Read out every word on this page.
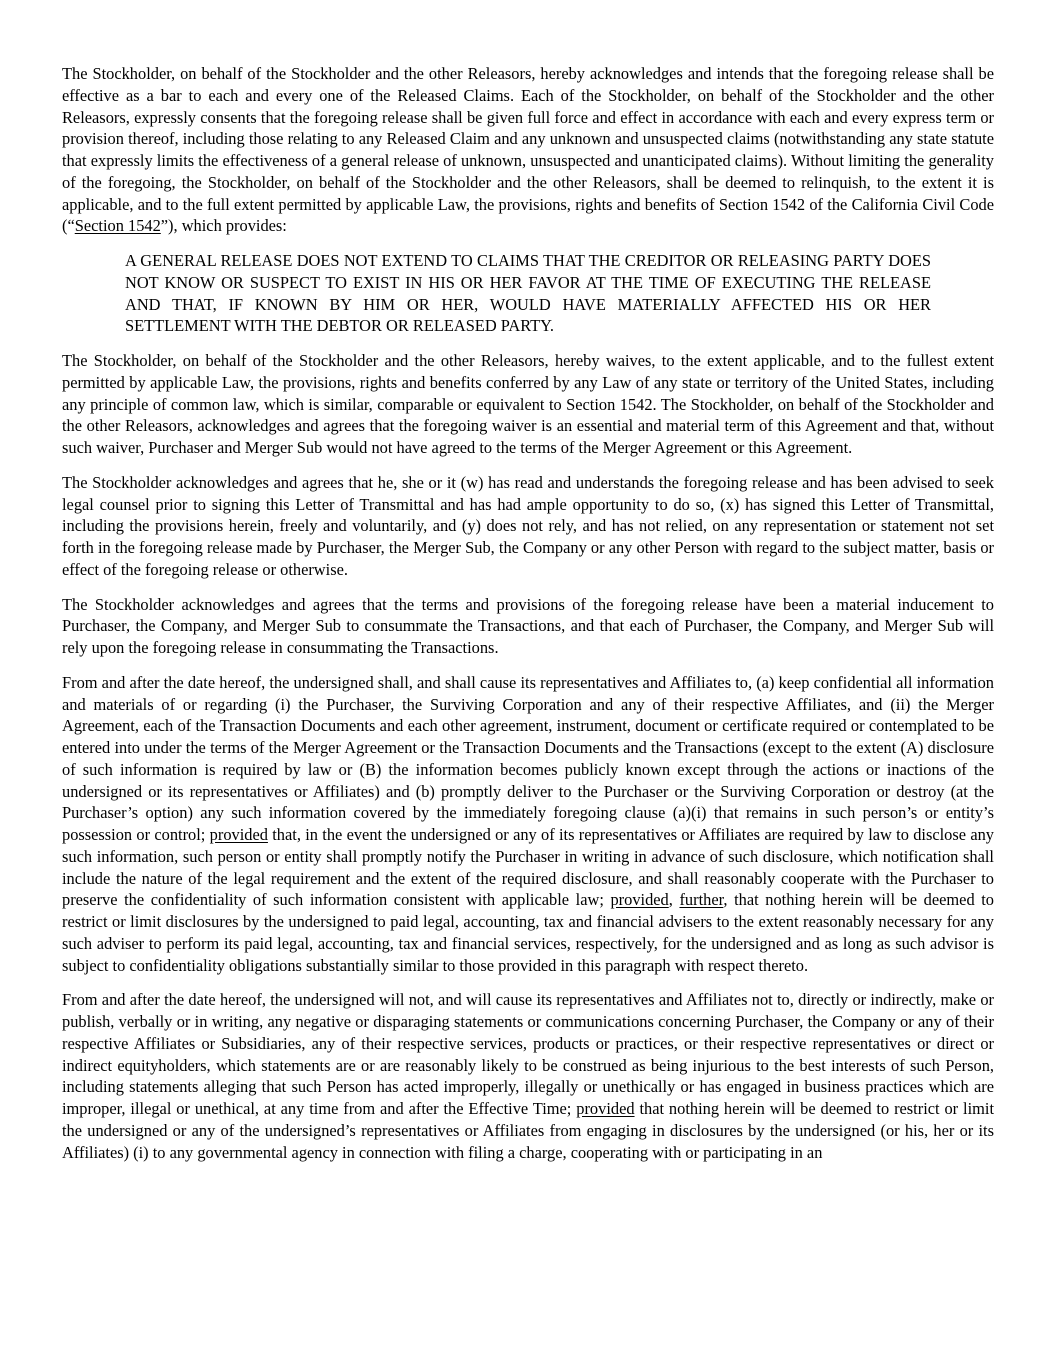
The Stockholder, on behalf of the Stockholder and the other Releasors, hereby acknowledges and intends that the foregoing release shall be effective as a bar to each and every one of the Released Claims. Each of the Stockholder, on behalf of the Stockholder and the other Releasors, expressly consents that the foregoing release shall be given full force and effect in accordance with each and every express term or provision thereof, including those relating to any Released Claim and any unknown and unsuspected claims (notwithstanding any state statute that expressly limits the effectiveness of a general release of unknown, unsuspected and unanticipated claims). Without limiting the generality of the foregoing, the Stockholder, on behalf of the Stockholder and the other Releasors, shall be deemed to relinquish, to the extent it is applicable, and to the full extent permitted by applicable Law, the provisions, rights and benefits of Section 1542 of the California Civil Code (“Section 1542”), which provides:

A GENERAL RELEASE DOES NOT EXTEND TO CLAIMS THAT THE CREDITOR OR RELEASING PARTY DOES NOT KNOW OR SUSPECT TO EXIST IN HIS OR HER FAVOR AT THE TIME OF EXECUTING THE RELEASE AND THAT, IF KNOWN BY HIM OR HER, WOULD HAVE MATERIALLY AFFECTED HIS OR HER SETTLEMENT WITH THE DEBTOR OR RELEASED PARTY.

The Stockholder, on behalf of the Stockholder and the other Releasors, hereby waives, to the extent applicable, and to the fullest extent permitted by applicable Law, the provisions, rights and benefits conferred by any Law of any state or territory of the United States, including any principle of common law, which is similar, comparable or equivalent to Section 1542. The Stockholder, on behalf of the Stockholder and the other Releasors, acknowledges and agrees that the foregoing waiver is an essential and material term of this Agreement and that, without such waiver, Purchaser and Merger Sub would not have agreed to the terms of the Merger Agreement or this Agreement.

The Stockholder acknowledges and agrees that he, she or it (w) has read and understands the foregoing release and has been advised to seek legal counsel prior to signing this Letter of Transmittal and has had ample opportunity to do so, (x) has signed this Letter of Transmittal, including the provisions herein, freely and voluntarily, and (y) does not rely, and has not relied, on any representation or statement not set forth in the foregoing release made by Purchaser, the Merger Sub, the Company or any other Person with regard to the subject matter, basis or effect of the foregoing release or otherwise.

The Stockholder acknowledges and agrees that the terms and provisions of the foregoing release have been a material inducement to Purchaser, the Company, and Merger Sub to consummate the Transactions, and that each of Purchaser, the Company, and Merger Sub will rely upon the foregoing release in consummating the Transactions.

From and after the date hereof, the undersigned shall, and shall cause its representatives and Affiliates to, (a) keep confidential all information and materials of or regarding (i) the Purchaser, the Surviving Corporation and any of their respective Affiliates, and (ii) the Merger Agreement, each of the Transaction Documents and each other agreement, instrument, document or certificate required or contemplated to be entered into under the terms of the Merger Agreement or the Transaction Documents and the Transactions (except to the extent (A) disclosure of such information is required by law or (B) the information becomes publicly known except through the actions or inactions of the undersigned or its representatives or Affiliates) and (b) promptly deliver to the Purchaser or the Surviving Corporation or destroy (at the Purchaser’s option) any such information covered by the immediately foregoing clause (a)(i) that remains in such person’s or entity’s possession or control; provided that, in the event the undersigned or any of its representatives or Affiliates are required by law to disclose any such information, such person or entity shall promptly notify the Purchaser in writing in advance of such disclosure, which notification shall include the nature of the legal requirement and the extent of the required disclosure, and shall reasonably cooperate with the Purchaser to preserve the confidentiality of such information consistent with applicable law; provided, further, that nothing herein will be deemed to restrict or limit disclosures by the undersigned to paid legal, accounting, tax and financial advisers to the extent reasonably necessary for any such adviser to perform its paid legal, accounting, tax and financial services, respectively, for the undersigned and as long as such advisor is subject to confidentiality obligations substantially similar to those provided in this paragraph with respect thereto.

From and after the date hereof, the undersigned will not, and will cause its representatives and Affiliates not to, directly or indirectly, make or publish, verbally or in writing, any negative or disparaging statements or communications concerning Purchaser, the Company or any of their respective Affiliates or Subsidiaries, any of their respective services, products or practices, or their respective representatives or direct or indirect equityholders, which statements are or are reasonably likely to be construed as being injurious to the best interests of such Person, including statements alleging that such Person has acted improperly, illegally or unethically or has engaged in business practices which are improper, illegal or unethical, at any time from and after the Effective Time; provided that nothing herein will be deemed to restrict or limit the undersigned or any of the undersigned’s representatives or Affiliates from engaging in disclosures by the undersigned (or his, her or its Affiliates) (i) to any governmental agency in connection with filing a charge, cooperating with or participating in an
